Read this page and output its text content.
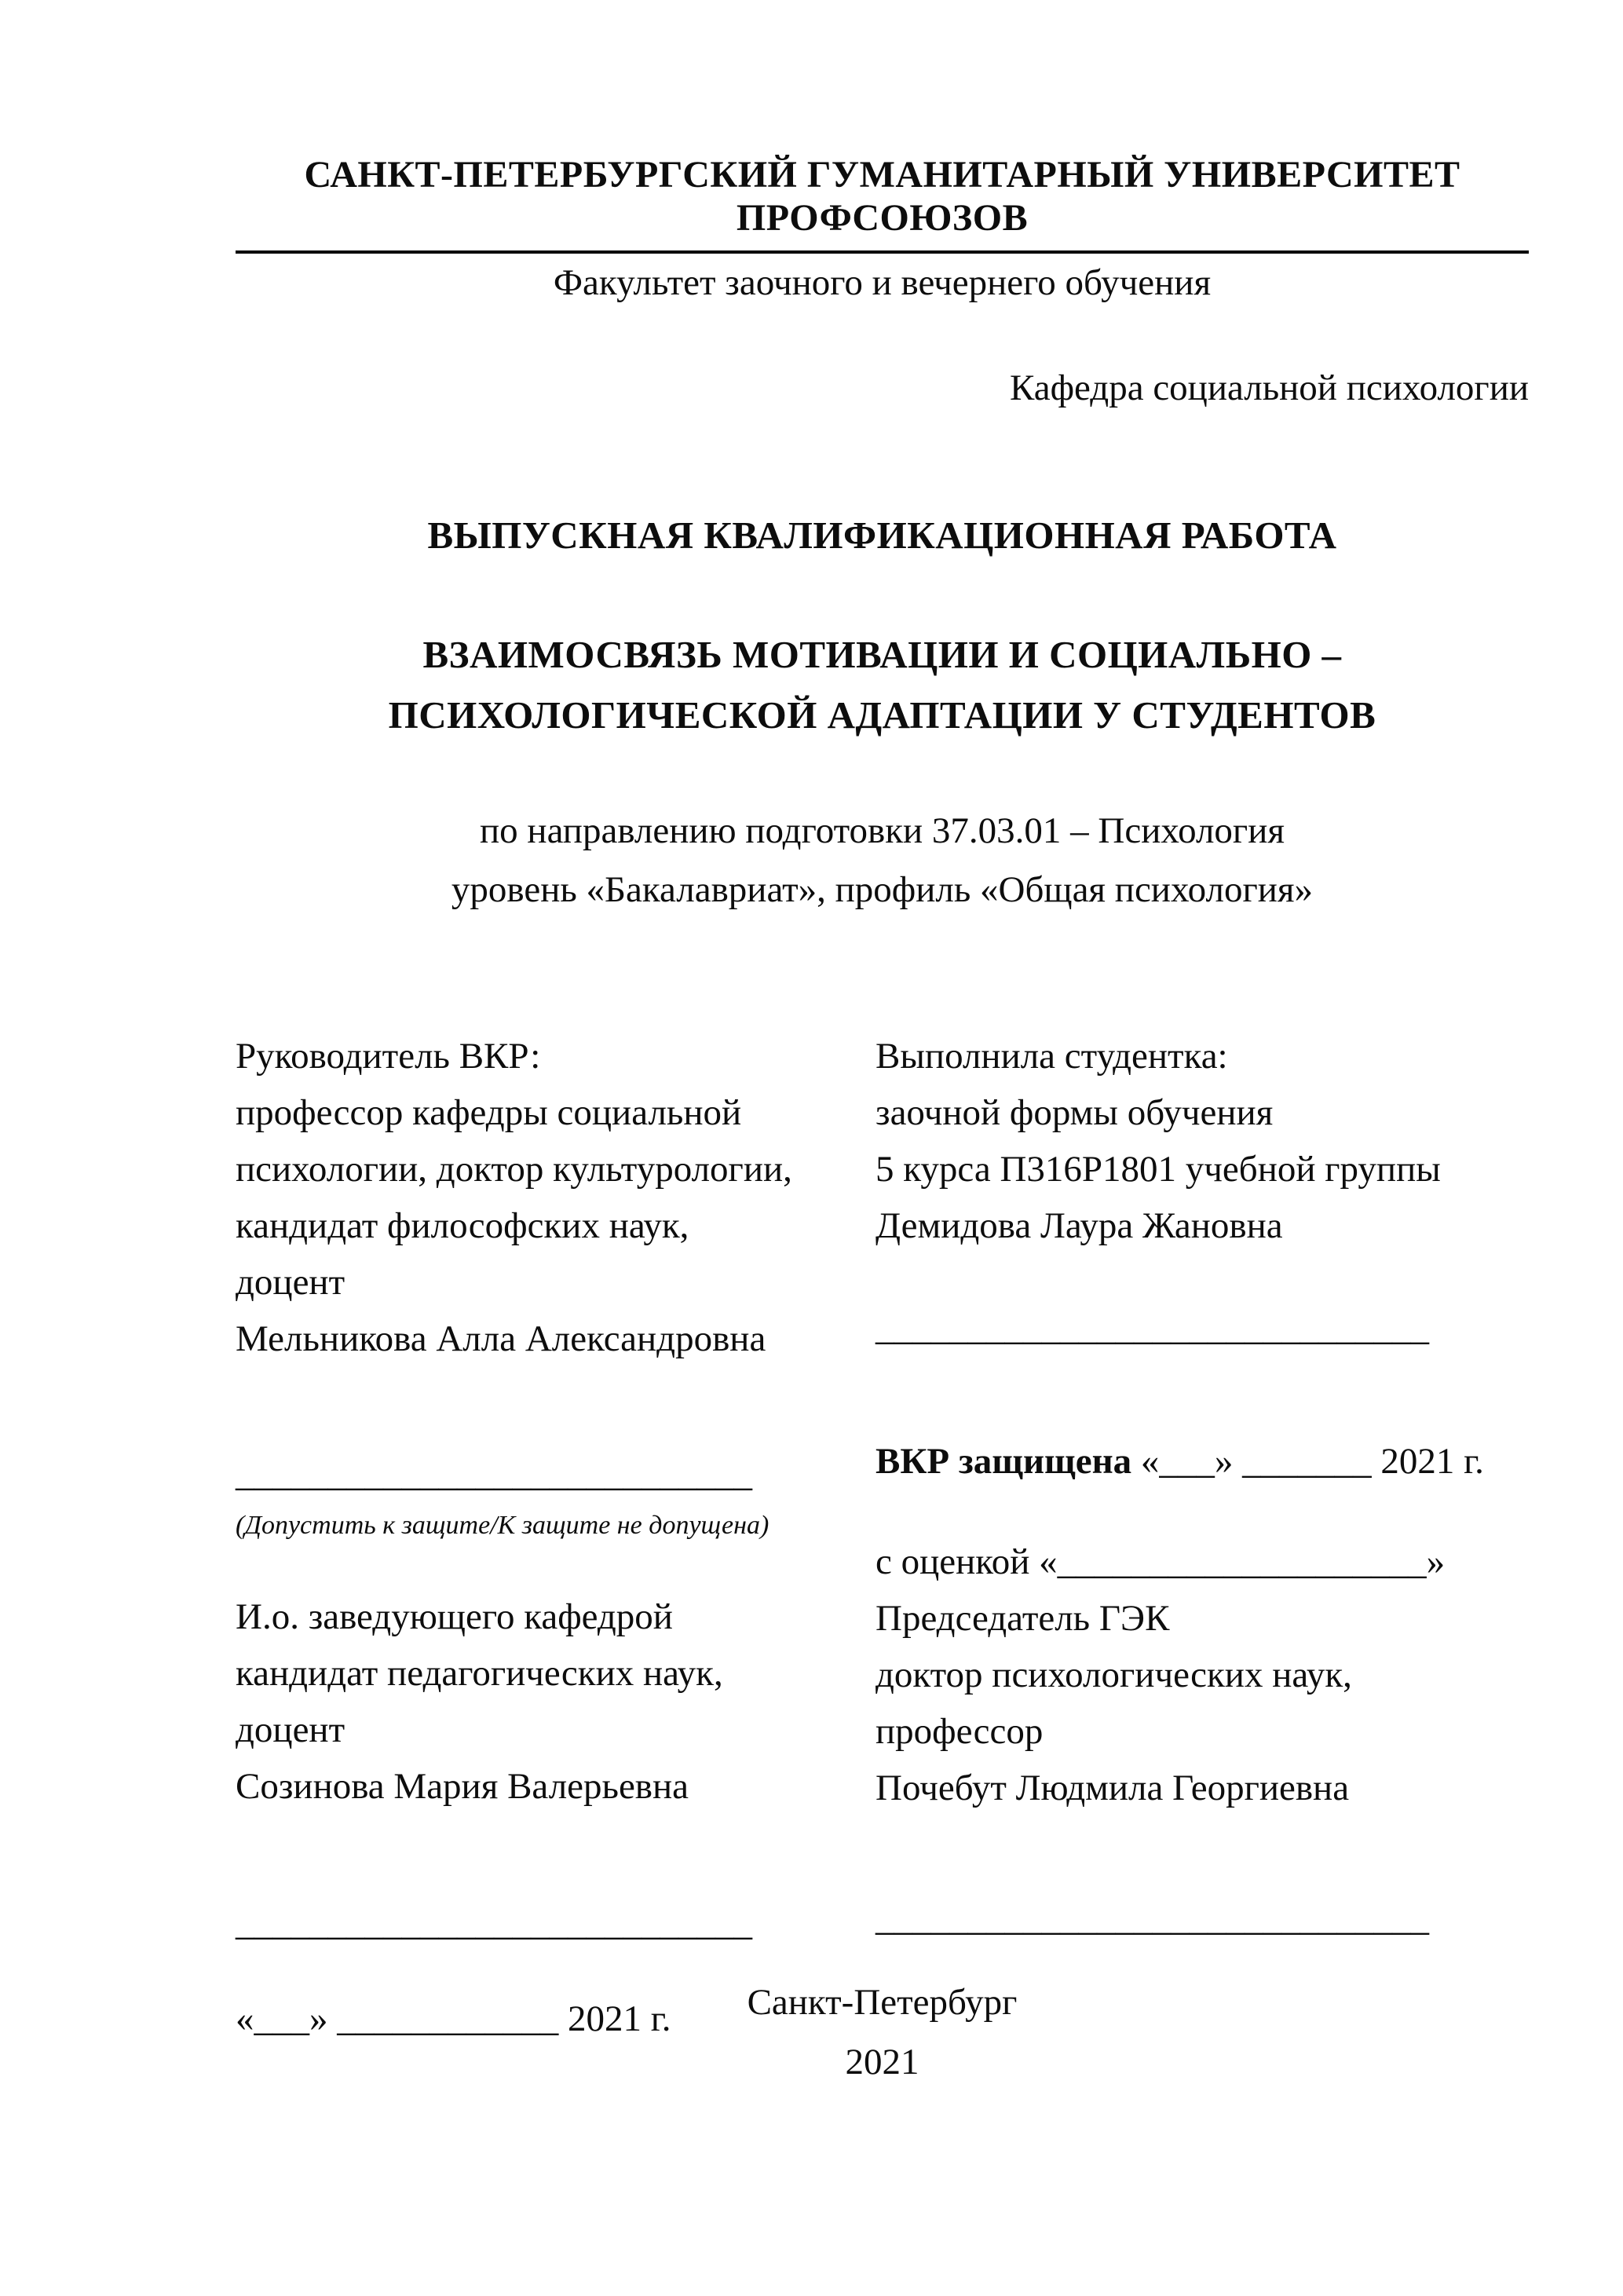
САНКТ-ПЕТЕРБУРГСКИЙ ГУМАНИТАРНЫЙ УНИВЕРСИТЕТ ПРОФСОЮЗОВ
Факультет заочного и вечернего обучения
Кафедра социальной психологии
ВЫПУСКНАЯ КВАЛИФИКАЦИОННАЯ РАБОТА
ВЗАИМОСВЯЗЬ МОТИВАЦИИ И СОЦИАЛЬНО –
ПСИХОЛОГИЧЕСКОЙ АДАПТАЦИИ У СТУДЕНТОВ
по направлению подготовки 37.03.01 – Психология
уровень «Бакалавриат», профиль «Общая психология»
Руководитель ВКР:
профессор кафедры социальной
психологии, доктор культурологии,
кандидат философских наук,
доцент
Мельникова Алла Александровна
____________________________
(Допустить к защите/К защите не допущена)
И.о. заведующего кафедрой
кандидат педагогических наук,
доцент
Созинова Мария Валерьевна
____________________________
«___» ____________ 2021 г.
Выполнила студентка:
заочной формы обучения
5 курса П316Р1801 учебной группы
Демидова Лаура Жановна
______________________________
ВКР защищена «___» _______ 2021 г.
с оценкой «____________________»
Председатель ГЭК
доктор психологических наук,
профессор
Почебут Людмила Георгиевна
______________________________
Санкт-Петербург
2021
